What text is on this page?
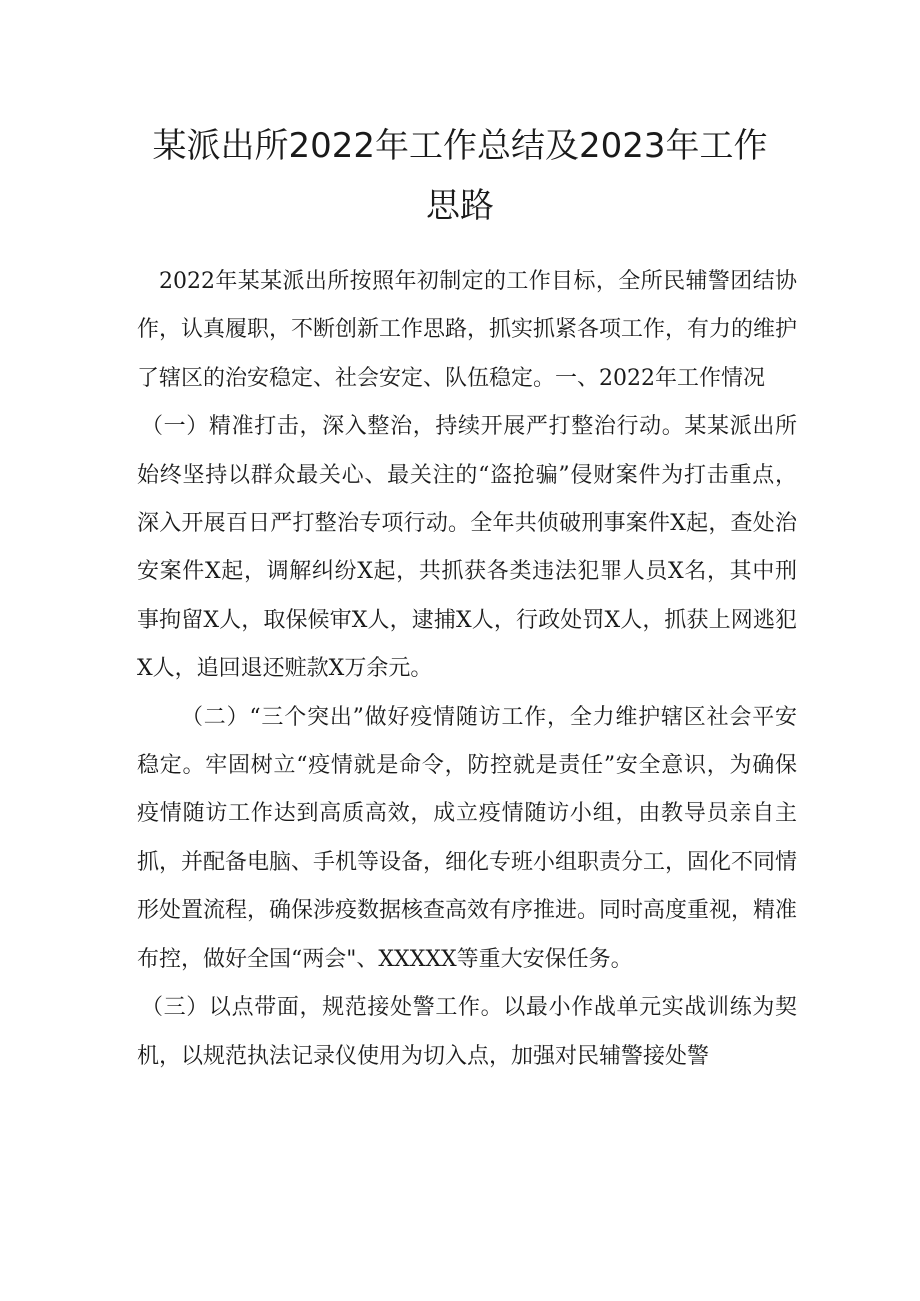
某派出所2022年工作总结及2023年工作
思路

2022年某某派出所按照年初制定的工作目标，全所民辅警团结协作，认真履职，不断创新工作思路，抓实抓紧各项工作，有力的维护了辖区的治安稳定、社会安定、队伍稳定。一、2022年工作情况

（一）精准打击，深入整治，持续开展严打整治行动。某某派出所始终坚持以群众最关心、最关注的“盗抢骗”侵财案件为打击重点，深入开展百日严打整治专项行动。全年共侦破刑事案件X起，查处治安案件X起，调解纠纷X起，共抓获各类违法犯罪人员X名，其中刑事拘留X人，取保候审X人，逮捕X人，行政处罚X人，抓获上网逃犯X人，追回退还赃款X万余元。

（二）“三个突出”做好疫情随访工作，全力维护辖区社会平安稳定。牢固树立“疫情就是命令，防控就是责任”安全意识，为确保疫情随访工作达到高质高效，成立疫情随访小组，由教导员亲自主抓，并配备电脑、手机等设备，细化专班小组职责分工，固化不同情形处置流程，确保涉疫数据核查高效有序推进。同时高度重视，精准布控，做好全国“两会"、XXXXX等重大安保任务。

（三）以点带面，规范接处警工作。以最小作战单元实战训练为契机，以规范执法记录仪使用为切入点，加强对民辅警接处警
